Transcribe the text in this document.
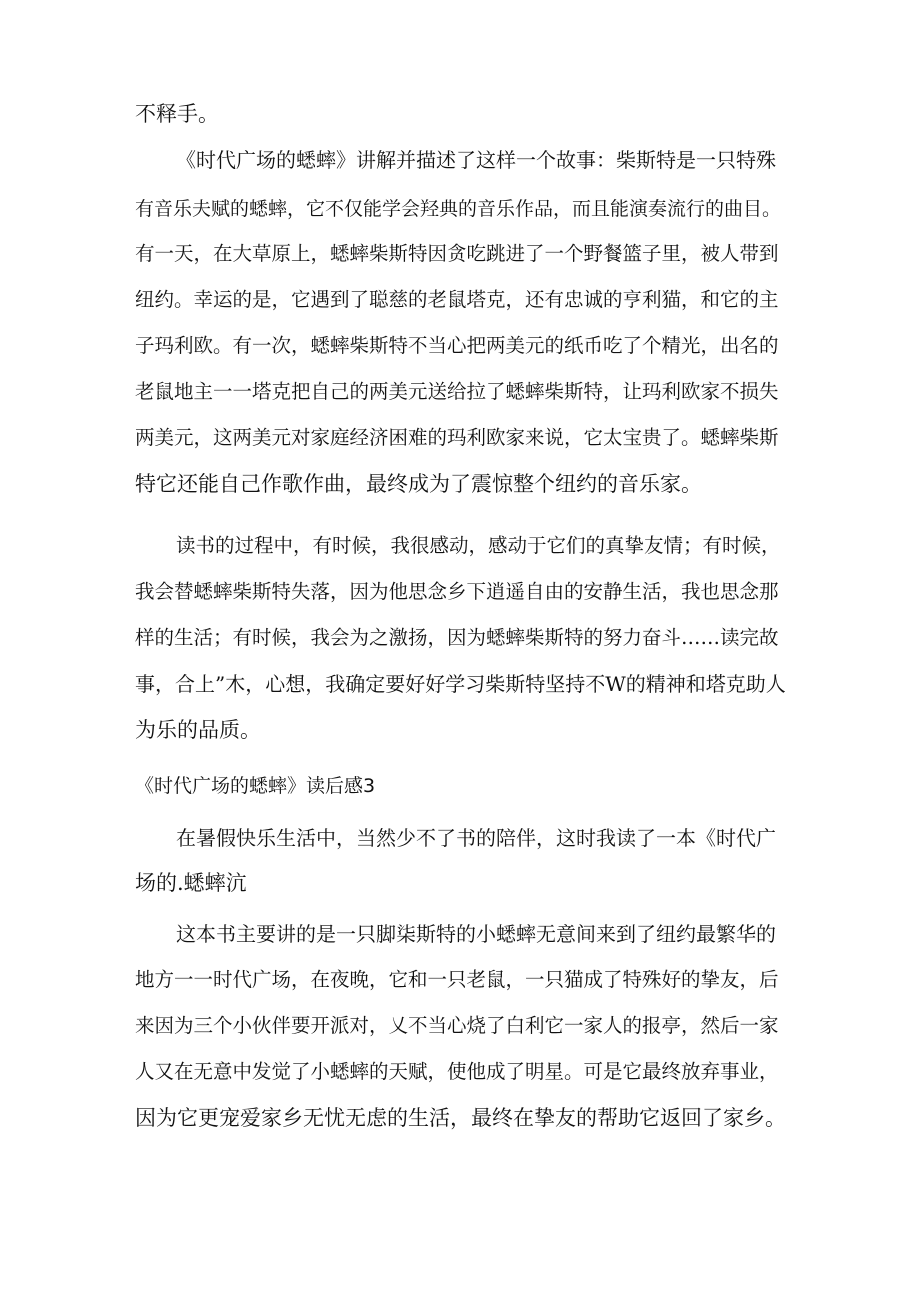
不释手。

《时代广场的蟋蟀》讲解并描述了这样一个故事：柴斯特是一只特殊

有音乐夫赋的蟋蟀，它不仅能学会羟典的音乐作品，而且能演奏流行的曲目。

有一天，在大草原上，蟋蟀柴斯特因贪吃跳进了一个野餐篮子里，被人带到

纽约。幸运的是，它遇到了聪慈的老鼠塔克，还有忠诚的亨利猫，和它的主

子玛利欧。有一次，蟋蟀柴斯特不当心把两美元的纸币吃了个精光，出名的

老鼠地主一一塔克把自己的两美元送给拉了蟋蟀柴斯特，让玛利欧家不损失

两美元，这两美元对家庭经济困难的玛利欧家来说，它太宝贵了。蟋蟀柴斯

特它还能自己作歌作曲，最终成为了震惊整个纽约的音乐家。

读书的过程中，有时候，我很感动，感动于它们的真挚友情；有时候，

我会替蟋蟀柴斯特失落，因为他思念乡下逍遥自由的安静生活，我也思念那

样的生活；有时候，我会为之激扬，因为蟋蟀柴斯特的努力奋斗……读完故

事，合上”木，心想，我确定要好好学习柴斯特坚持不W的精神和塔克助人

为乐的品质。

《时代广场的蟋蟀》读后感3

在暑假快乐生活中，当然少不了书的陪伴，这时我读了一本《时代广

场的.蟋蟀沆

这本书主要讲的是一只脚柒斯特的小蟋蟀无意间来到了纽约最繁华的

地方一一时代广场，在夜晚，它和一只老鼠，一只猫成了特殊好的挚友，后

来因为三个小伙伴要开派对，乂不当心烧了白利它一家人的报亭，然后一家

人又在无意中发觉了小蟋蟀的天赋，使他成了明星。可是它最终放弃事业，

因为它更宠爱家乡无忧无虑的生活，最终在挚友的帮助它返回了家乡。
